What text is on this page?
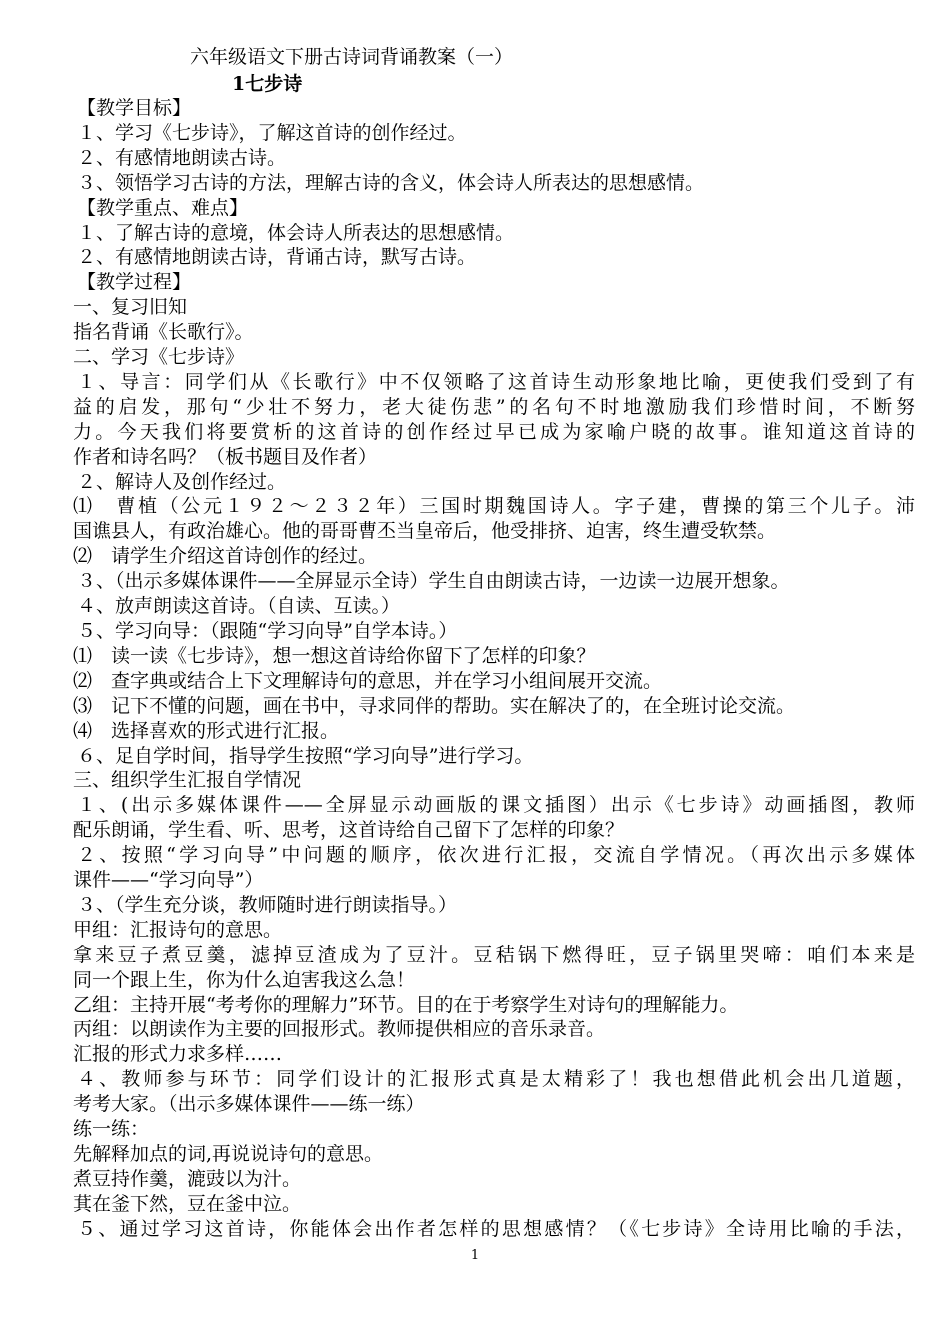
六年级语文下册古诗词背诵教案（一）
1七步诗
【教学目标】
１、学习《七步诗》，了解这首诗的创作经过。
２、有感情地朗读古诗。
３、领悟学习古诗的方法，理解古诗的含义，体会诗人所表达的思想感情。
【教学重点、难点】
１、了解古诗的意境，体会诗人所表达的思想感情。
２、有感情地朗读古诗，背诵古诗，默写古诗。
【教学过程】
一、复习旧知
指名背诵《长歌行》。
二、学习《七步诗》
１、导言：同学们从《长歌行》中不仅领略了这首诗生动形象地比喻，更使我们受到了有
益的启发，那句“少壮不努力，老大徒伤悲”的名句不时地激励我们珍惜时间，不断努
力。今天我们将要赏析的这首诗的创作经过早已成为家喻户晓的故事。谁知道这首诗的
作者和诗名吗？（板书题目及作者）
２、解诗人及创作经过。
⑴　曹植（公元１９２～２３２年）三国时期魏国诗人。字子建，曹操的第三个儿子。沛
国谯县人，有政治雄心。他的哥哥曹丕当皇帝后，他受排挤、迫害，终生遭受软禁。
⑵　请学生介绍这首诗创作的经过。
３、（出示多媒体课件——全屏显示全诗）学生自由朗读古诗，一边读一边展开想象。
４、放声朗读这首诗。（自读、互读。）
５、学习向导：（跟随“学习向导”自学本诗。）
⑴　读一读《七步诗》，想一想这首诗给你留下了怎样的印象？
⑵　查字典或结合上下文理解诗句的意思，并在学习小组间展开交流。
⑶　记下不懂的问题，画在书中，寻求同伴的帮助。实在解决了的，在全班讨论交流。
⑷　选择喜欢的形式进行汇报。
６、足自学时间，指导学生按照“学习向导”进行学习。
三、组织学生汇报自学情况
１、(出示多媒体课件——全屏显示动画版的课文插图）出示《七步诗》动画插图，教师
配乐朗诵，学生看、听、思考，这首诗给自己留下了怎样的印象？
２、按照“学习向导”中问题的顺序，依次进行汇报，交流自学情况。（再次出示多媒体
课件——“学习向导”）
３、（学生充分谈，教师随时进行朗读指导。）
甲组：汇报诗句的意思。
拿来豆子煮豆羹，滤掉豆渣成为了豆汁。豆秸锅下燃得旺，豆子锅里哭啼：咱们本来是
同一个跟上生，你为什么迫害我这么急！
乙组：主持开展“考考你的理解力”环节。目的在于考察学生对诗句的理解能力。
丙组：以朗读作为主要的回报形式。教师提供相应的音乐录音。
汇报的形式力求多样……
４、教师参与环节：同学们设计的汇报形式真是太精彩了！我也想借此机会出几道题，
考考大家。（出示多媒体课件——练一练）
练一练：
先解释加点的词,再说说诗句的意思。
煮豆持作羹，漉豉以为汁。
萁在釜下然，豆在釜中泣。
５、通过学习这首诗，你能体会出作者怎样的思想感情？（《七步诗》全诗用比喻的手法，
1
